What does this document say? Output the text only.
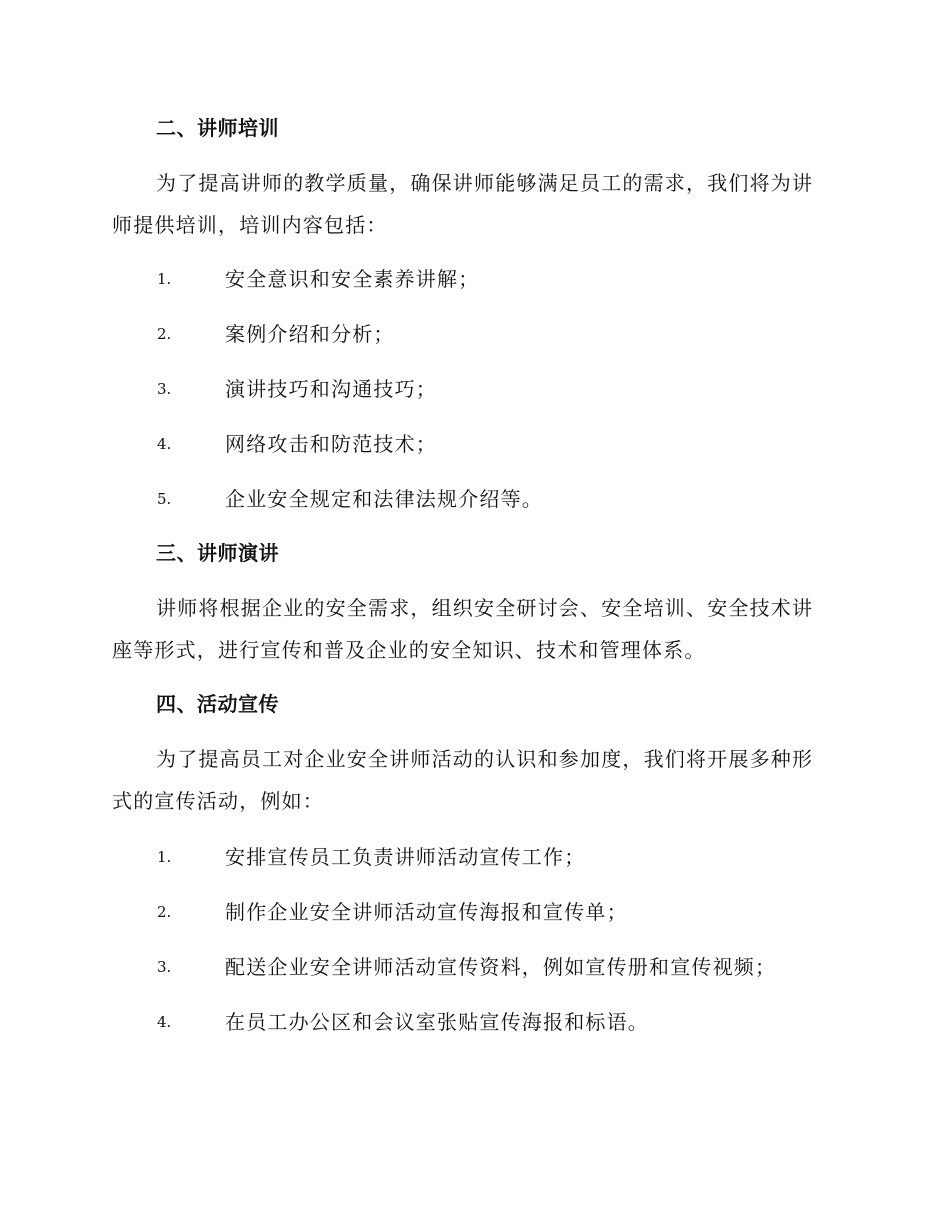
二、讲师培训

为了提高讲师的教学质量，确保讲师能够满足员工的需求，我们将为讲师提供培训，培训内容包括：

1.	安全意识和安全素养讲解；
2.	案例介绍和分析；
3.	演讲技巧和沟通技巧；
4.	网络攻击和防范技术；
5.	企业安全规定和法律法规介绍等。
三、讲师演讲

讲师将根据企业的安全需求，组织安全研讨会、安全培训、安全技术讲座等形式，进行宣传和普及企业的安全知识、技术和管理体系。

四、活动宣传

为了提高员工对企业安全讲师活动的认识和参加度，我们将开展多种形式的宣传活动，例如：

1.	安排宣传员工负责讲师活动宣传工作；
2.	制作企业安全讲师活动宣传海报和宣传单；
3.	配送企业安全讲师活动宣传资料，例如宣传册和宣传视频；
4.	在员工办公区和会议室张贴宣传海报和标语。
